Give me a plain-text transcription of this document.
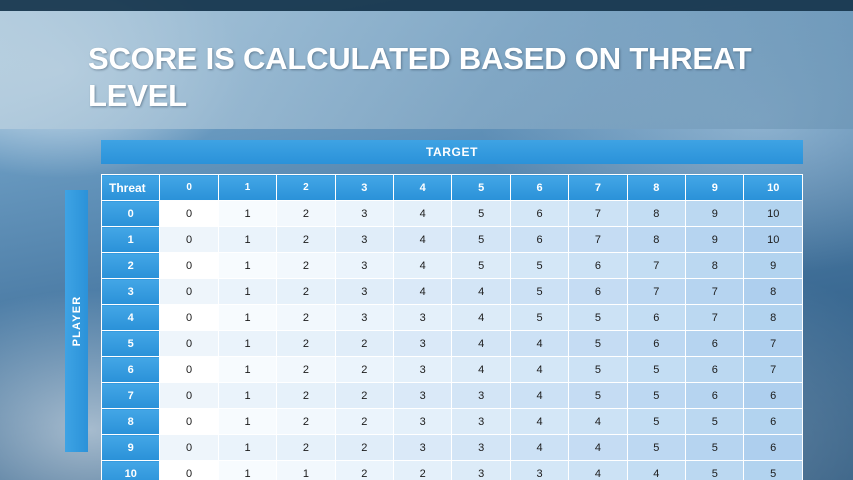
SCORE IS CALCULATED BASED ON THREAT LEVEL
TARGET
PLAYER
Threat	0	1	2	3	4	5	6	7	8	9	10
0	0	1	2	3	4	5	6	7	8	9	10
1	0	1	2	3	4	5	6	7	8	9	10
2	0	1	2	3	4	5	5	6	7	8	9
3	0	1	2	3	4	4	5	6	7	7	8
4	0	1	2	3	3	4	5	5	6	7	8
5	0	1	2	2	3	4	4	5	6	6	7
6	0	1	2	2	3	4	4	5	5	6	7
7	0	1	2	2	3	3	4	5	5	6	6
8	0	1	2	2	3	3	4	4	5	5	6
9	0	1	2	2	3	3	4	4	5	5	6
10	0	1	1	2	2	3	3	4	4	5	5
